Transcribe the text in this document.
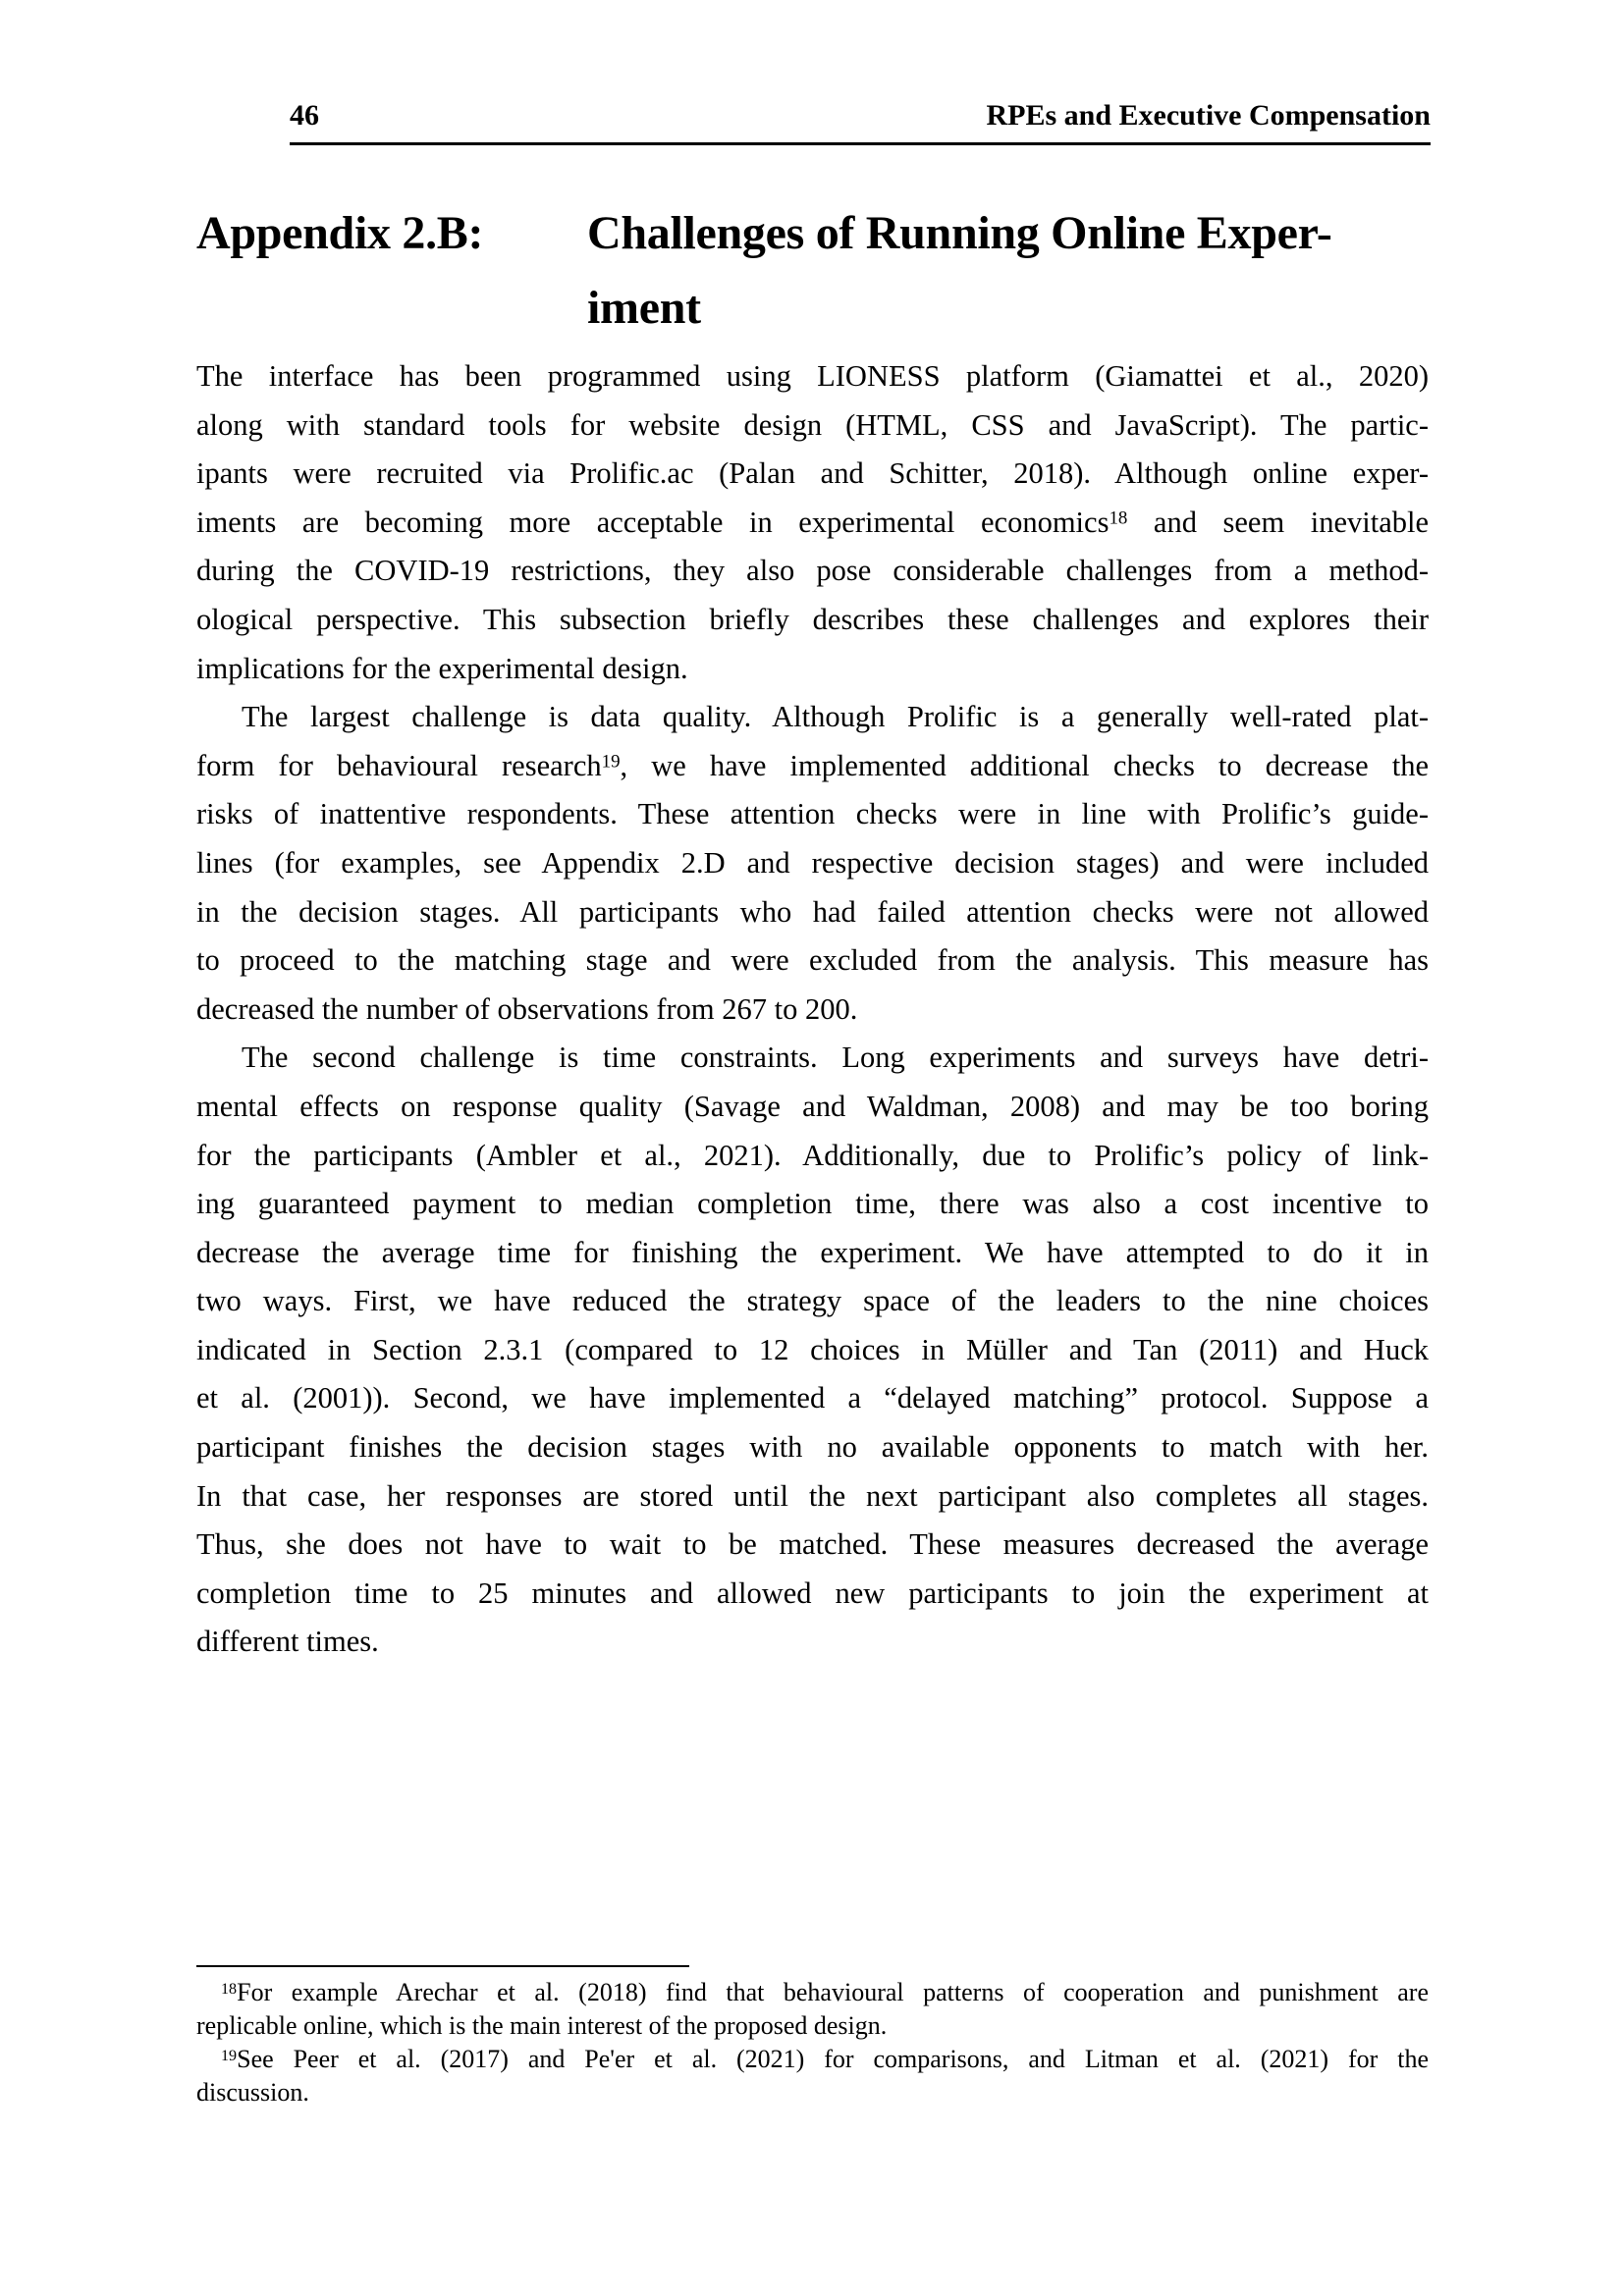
46	RPEs and Executive Compensation
Appendix 2.B:	Challenges of Running Online Exper-
iment
The interface has been programmed using LIONESS platform (Giamattei et al., 2020)
along with standard tools for website design (HTML, CSS and JavaScript). The partic-
ipants were recruited via Prolific.ac (Palan and Schitter, 2018). Although online exper-
iments are becoming more acceptable in experimental economics$^{18}$ and seem inevitable
during the COVID-19 restrictions, they also pose considerable challenges from a method-
ological perspective. This subsection briefly describes these challenges and explores their
implications for the experimental design.
The largest challenge is data quality. Although Prolific is a generally well-rated plat-
form for behavioural research$^{19}$, we have implemented additional checks to decrease the
risks of inattentive respondents. These attention checks were in line with Prolific’s guide-
lines (for examples, see Appendix 2.D and respective decision stages) and were included
in the decision stages. All participants who had failed attention checks were not allowed
to proceed to the matching stage and were excluded from the analysis. This measure has
decreased the number of observations from 267 to 200.
The second challenge is time constraints. Long experiments and surveys have detri-
mental effects on response quality (Savage and Waldman, 2008) and may be too boring
for the participants (Ambler et al., 2021). Additionally, due to Prolific’s policy of link-
ing guaranteed payment to median completion time, there was also a cost incentive to
decrease the average time for finishing the experiment. We have attempted to do it in
two ways. First, we have reduced the strategy space of the leaders to the nine choices
indicated in Section 2.3.1 (compared to 12 choices in Müller and Tan (2011) and Huck
et al. (2001)). Second, we have implemented a “delayed matching” protocol. Suppose a
participant finishes the decision stages with no available opponents to match with her.
In that case, her responses are stored until the next participant also completes all stages.
Thus, she does not have to wait to be matched. These measures decreased the average
completion time to 25 minutes and allowed new participants to join the experiment at
different times.
$^{18}$For example Arechar et al. (2018) find that behavioural patterns of cooperation and punishment are
replicable online, which is the main interest of the proposed design.
$^{19}$See Peer et al. (2017) and Pe'er et al. (2021) for comparisons, and Litman et al. (2021) for the
discussion.
